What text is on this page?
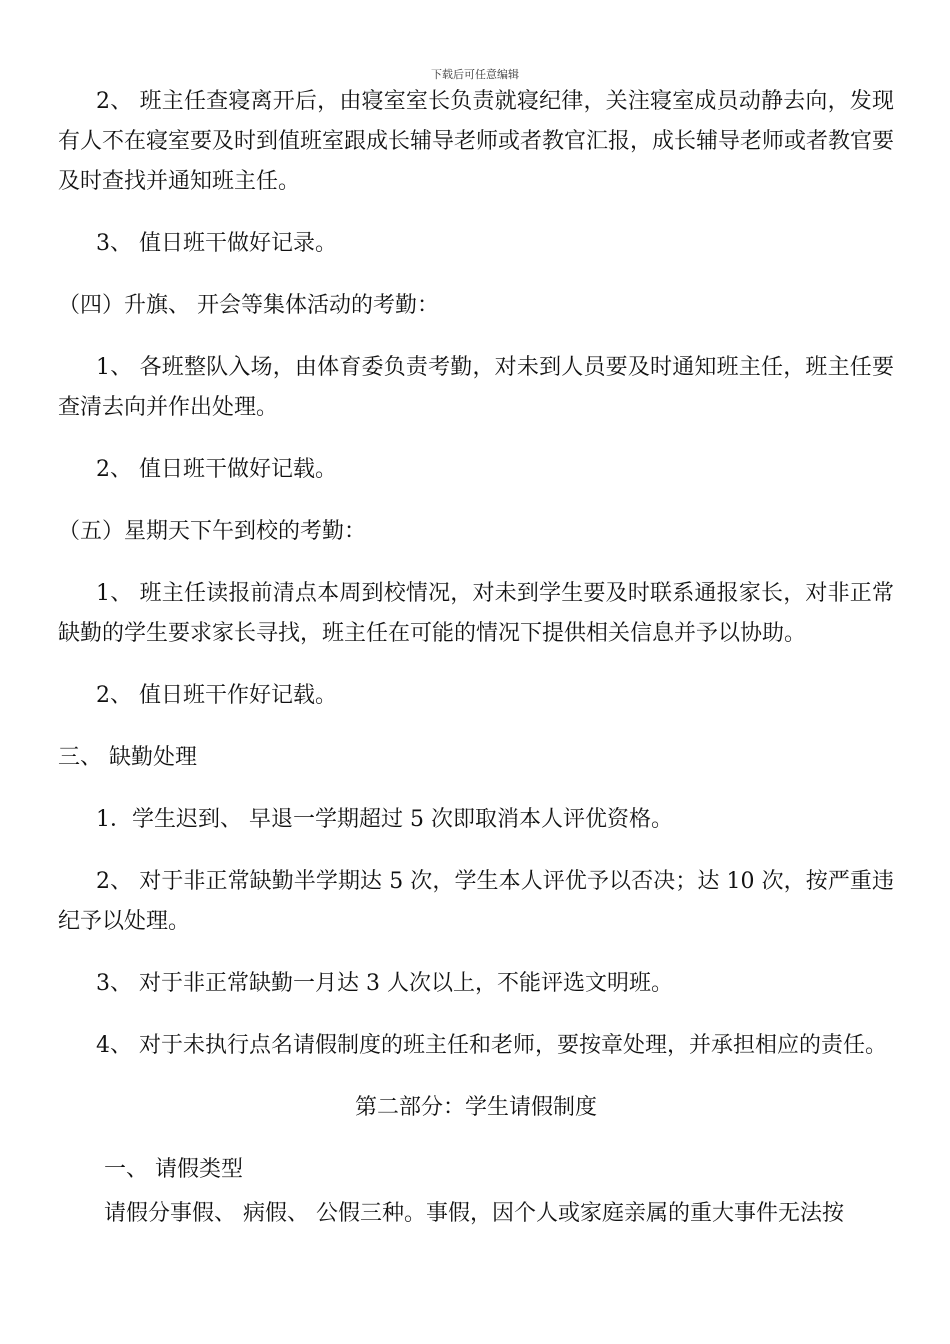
下载后可任意编辑

2、 班主任查寝离开后，由寝室室长负责就寝纪律，关注寝室成员动静去向，发现有人不在寝室要及时到值班室跟成长辅导老师或者教官汇报，成长辅导老师或者教官要及时查找并通知班主任。

3、 值日班干做好记录。

（四）升旗、 开会等集体活动的考勤：

1、 各班整队入场，由体育委负责考勤，对未到人员要及时通知班主任，班主任要查清去向并作出处理。

2、 值日班干做好记载。

（五）星期天下午到校的考勤：

1、 班主任读报前清点本周到校情况，对未到学生要及时联系通报家长，对非正常缺勤的学生要求家长寻找，班主任在可能的情况下提供相关信息并予以协助。

2、 值日班干作好记载。

三、 缺勤处理

1．学生迟到、 早退一学期超过 5 次即取消本人评优资格。

2、 对于非正常缺勤半学期达 5 次，学生本人评优予以否决；达 10 次，按严重违纪予以处理。

3、 对于非正常缺勤一月达 3 人次以上，不能评选文明班。

4、 对于未执行点名请假制度的班主任和老师，要按章处理，并承担相应的责任。

第二部分：学生请假制度

一、 请假类型

请假分事假、 病假、 公假三种。事假，因个人或家庭亲属的重大事件无法按
